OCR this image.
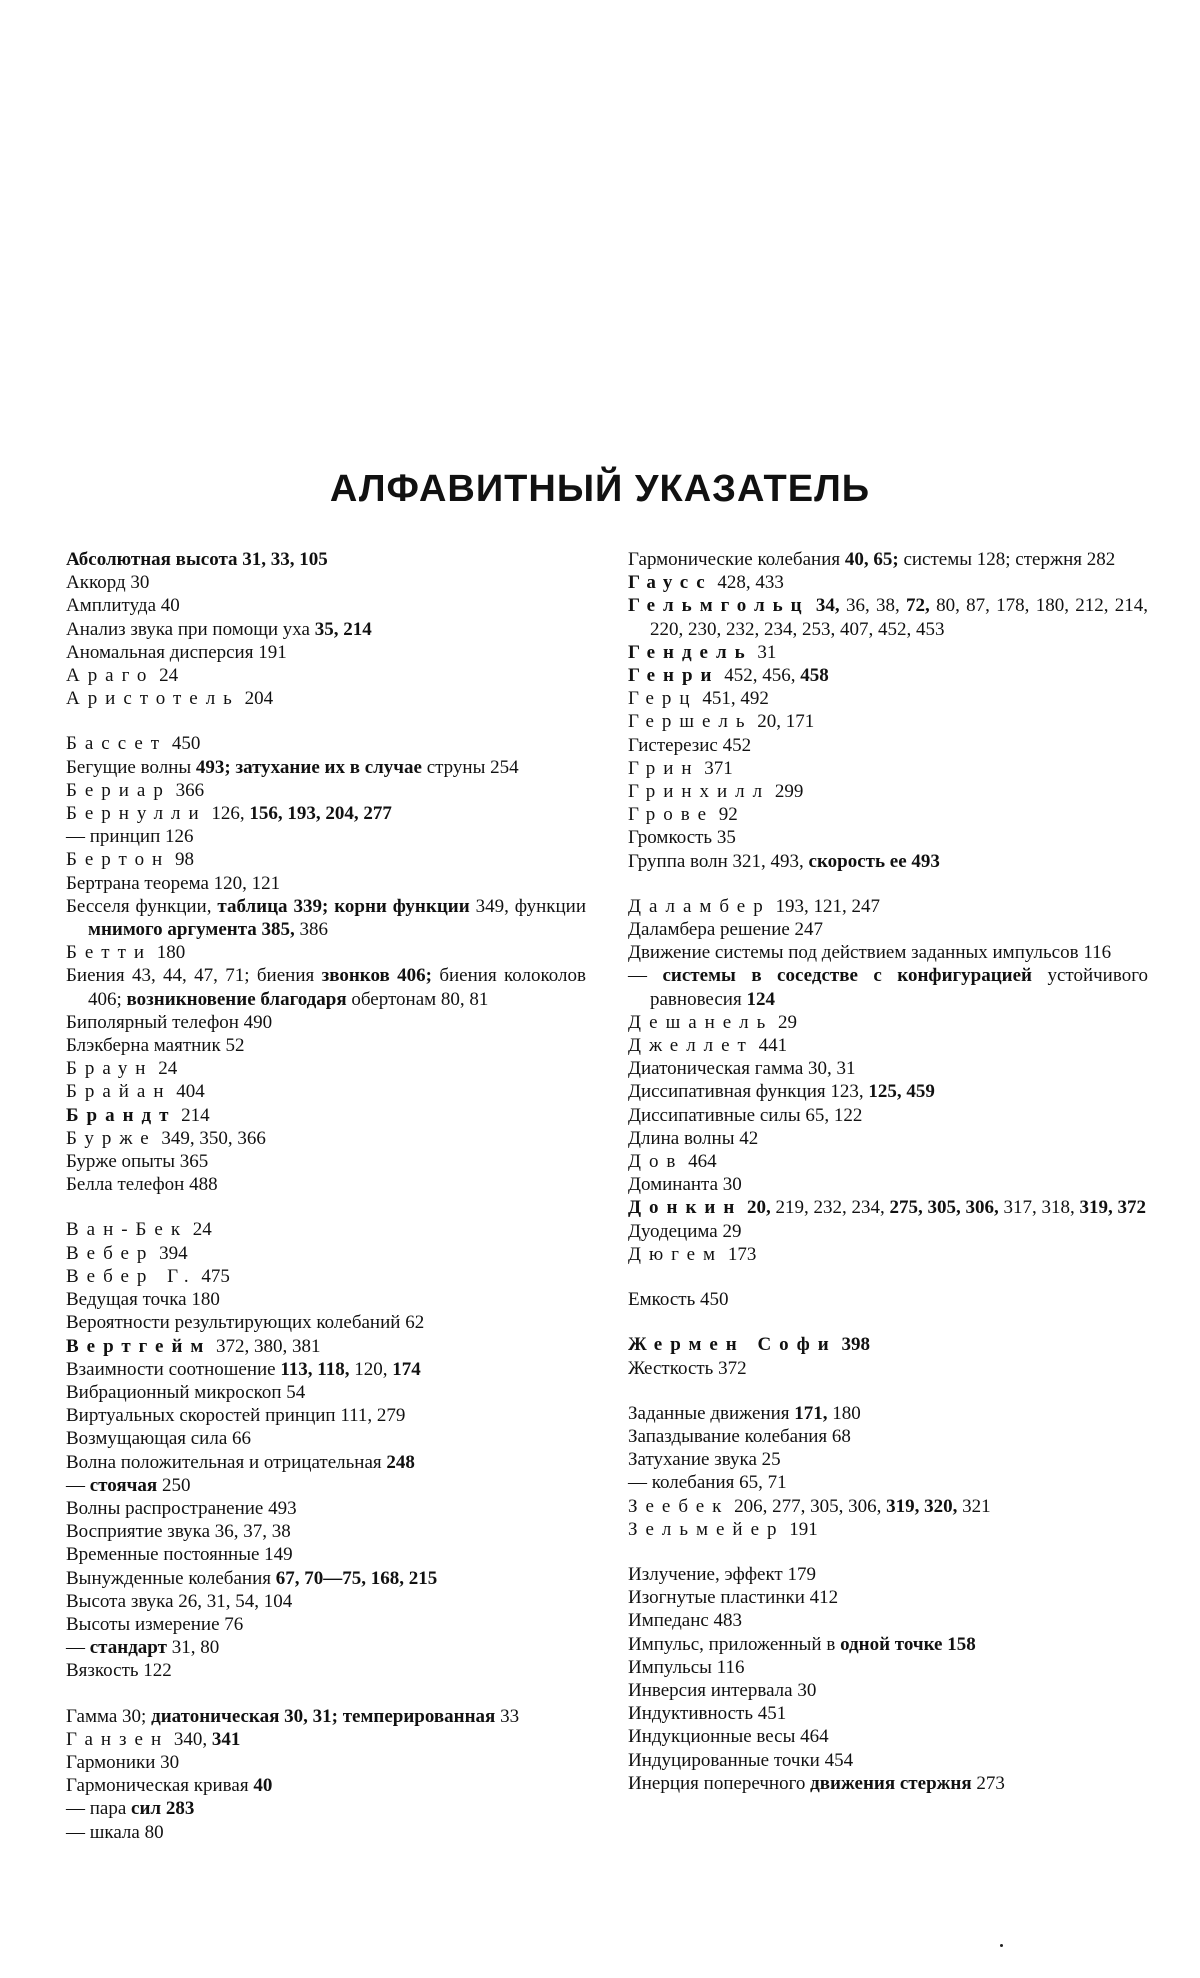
АЛФАВИТНЫЙ УКАЗАТЕЛЬ
Абсолютная высота 31, 33, 105
Аккорд 30
Амплитуда 40
Анализ звука при помощи уха 35, 214
Аномальная дисперсия 191
Араго 24
Аристотель 204
Бассет 450
Бегущие волны 493; затухание их в случае струны 254
Бериар 366
Бернулли 126, 156, 193, 204, 277
— принцип 126
Бертон 98
Бертрана теорема 120, 121
Бесселя функции, таблица 339; корни функции 349, функции мнимого аргумента 385, 386
Бетти 180
Биения 43, 44, 47, 71; биения звонков 406; биения колоколов 406; возникновение благодаря обертонам 80, 81
Биполярный телефон 490
Блэкберна маятник 52
Браун 24
Брайан 404
Брандт 214
Бурже 349, 350, 366
Бурже опыты 365
Белла телефон 488
Ван-Бек 24
Вебер 394
Вебер Г. 475
Ведущая точка 180
Вероятности результирующих колебаний 62
Вертгейм 372, 380, 381
Взаимности соотношение 113, 118, 120, 174
Вибрационный микроскоп 54
Виртуальных скоростей принцип 111, 279
Возмущающая сила 66
Волна положительная и отрицательная 248
— стоячая 250
Волны распространение 493
Восприятие звука 36, 37, 38
Временные постоянные 149
Вынужденные колебания 67, 70—75, 168, 215
Высота звука 26, 31, 54, 104
Высоты измерение 76
— стандарт 31, 80
Вязкость 122
Гамма 30; диатоническая 30, 31; темперированная 33
Ганзен 340, 341
Гармоники 30
Гармоническая кривая 40
— пара сил 283
— шкала 80
Гармонические колебания 40, 65; системы 128; стержня 282
Гаусс 428, 433
Гельмгольц 34, 36, 38, 72, 80, 87, 178, 180, 212, 214, 220, 230, 232, 234, 253, 407, 452, 453
Гендель 31
Генри 452, 456, 458
Герц 451, 492
Гершель 20, 171
Гистерезис 452
Грин 371
Гринхилл 299
Грове 92
Громкость 35
Группа волн 321, 493, скорость ее 493
Даламбер 193, 121, 247
Даламбера решение 247
Движение системы под действием заданных импульсов 116
— системы в соседстве с конфигурацией устойчивого равновесия 124
Дешанель 29
Джеллет 441
Диатоническая гамма 30, 31
Диссипативная функция 123, 125, 459
Диссипативные силы 65, 122
Длина волны 42
Дов 464
Доминанта 30
Донкин 20, 219, 232, 234, 275, 305, 306, 317, 318, 319, 372
Дуодецима 29
Дюгем 173
Емкость 450
Жермен Софи 398
Жесткость 372
Заданные движения 171, 180
Запаздывание колебания 68
Затухание звука 25
— колебания 65, 71
Зеебек 206, 277, 305, 306, 319, 320, 321
Зельмейер 191
Излучение, эффект 179
Изогнутые пластинки 412
Импеданс 483
Импульс, приложенный в одной точке 158
Импульсы 116
Инверсия интервала 30
Индуктивность 451
Индукционные весы 464
Индуцированные точки 454
Инерция поперечного движения стержня 273
